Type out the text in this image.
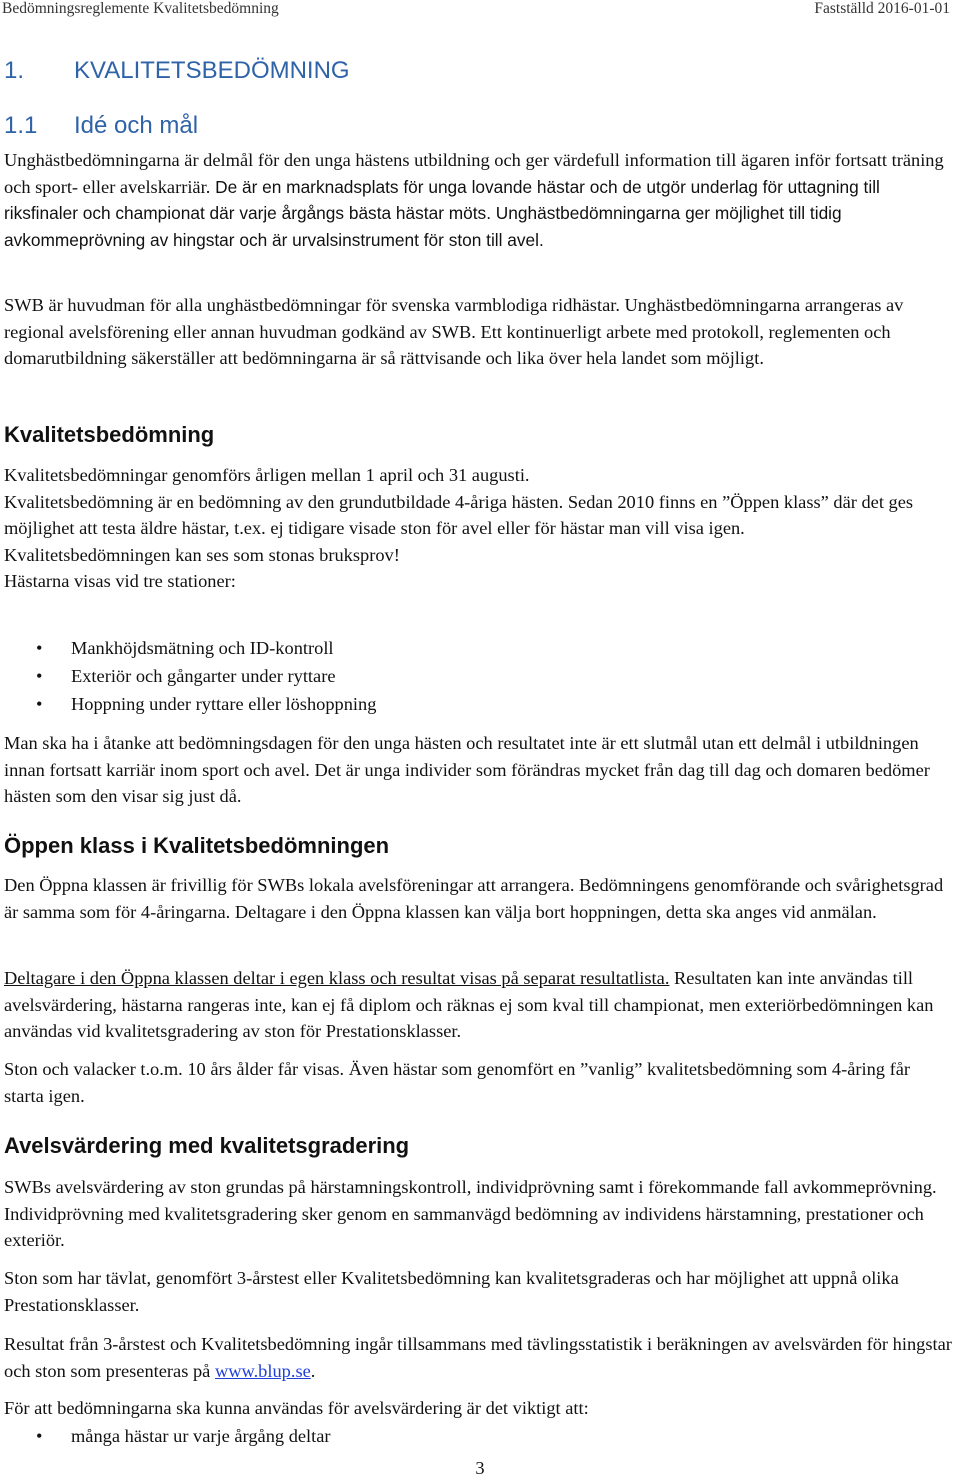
Bedömningsreglemente Kvalitetsbedömning	Fastställd 2016-01-01
1. KVALITETSBEDÖMNING
1.1 Idé och mål

Unghästbedömningarna är delmål för den unga hästens utbildning och ger värdefull information till ägaren inför fortsatt träning och sport- eller avelskarriär. De är en marknadsplats för unga lovande hästar och de utgör underlag för uttagning till riksfinaler och championat där varje årgångs bästa hästar möts. Unghästbedömningarna ger möjlighet till tidig avkommeprövning av hingstar och är urvalsinstrument för ston till avel.

SWB är huvudman för alla unghästbedömningar för svenska varmblodiga ridhästar. Unghästbedömningarna arrangeras av regional avelsförening eller annan huvudman godkänd av SWB. Ett kontinuerligt arbete med protokoll, reglementen och domarutbildning säkerställer att bedömningarna är så rättvisande och lika över hela landet som möjligt.

Kvalitetsbedömning
Kvalitetsbedömningar genomförs årligen mellan 1 april och 31 augusti.
Kvalitetsbedömning är en bedömning av den grundutbildade 4-åriga hästen. Sedan 2010 finns en ”Öppen klass” där det ges möjlighet att testa äldre hästar, t.ex. ej tidigare visade ston för avel eller för hästar man vill visa igen.
Kvalitetsbedömningen kan ses som stonas bruksprov!
Hästarna visas vid tre stationer:
• Mankhöjdsmätning och ID-kontroll
• Exteriör och gångarter under ryttare
• Hoppning under ryttare eller löshoppning

Man ska ha i åtanke att bedömningsdagen för den unga hästen och resultatet inte är ett slutmål utan ett delmål i utbildningen innan fortsatt karriär inom sport och avel. Det är unga individer som förändras mycket från dag till dag och domaren bedömer hästen som den visar sig just då.

Öppen klass i Kvalitetsbedömningen

Den Öppna klassen är frivillig för SWBs lokala avelsföreningar att arrangera. Bedömningens genomförande och svårighetsgrad är samma som för 4-åringarna. Deltagare i den Öppna klassen kan välja bort hoppningen, detta ska anges vid anmälan.

Deltagare i den Öppna klassen deltar i egen klass och resultat visas på separat resultatlista. Resultaten kan inte användas till avelsvärdering, hästarna rangeras inte, kan ej få diplom och räknas ej som kval till championat, men exteriörbedömningen kan användas vid kvalitetsgradering av ston för Prestationsklasser.

Ston och valacker t.o.m. 10 års ålder får visas. Även hästar som genomfört en ”vanlig” kvalitetsbedömning som 4-åring får starta igen.

Avelsvärdering med kvalitetsgradering

SWBs avelsvärdering av ston grundas på härstamningskontroll, individprövning samt i förekommande fall avkommeprövning. Individprövning med kvalitetsgradering sker genom en sammanvägd bedömning av individens härstamning, prestationer och exteriör.

Ston som har tävlat, genomfört 3-årstest eller Kvalitetsbedömning kan kvalitetsgraderas och har möjlighet att uppnå olika Prestationsklasser.

Resultat från 3-årstest och Kvalitetsbedömning ingår tillsammans med tävlingsstatistik i beräkningen av avelsvärden för hingstar och ston som presenteras på www.blup.se.

För att bedömningarna ska kunna användas för avelsvärdering är det viktigt att:

• många hästar ur varje årgång deltar
3
